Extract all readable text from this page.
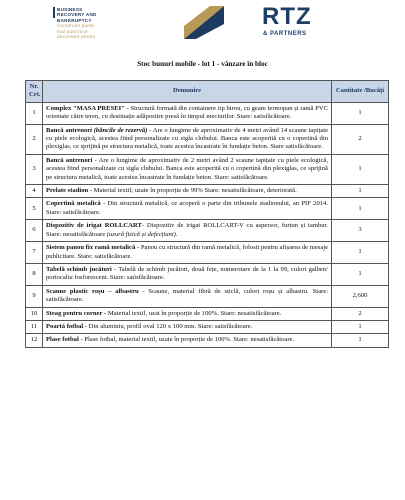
BUSINESS
RECOVERY AND
BANKRUPTCY
Construim punte
mai puternice
decontare pentru
RTZ
& PARTNERS
Stoc bunuri mobile - lot 1 - vânzare în bloc
Nr. Crt.	Denumire	Cantitate /Bucăți
1	Complex "MASA PRESEI" - Structură formată din containere tip birou, cu geam termopan și ramă PVC orientate către teren, cu destinație adăpostire presă în timpul meciurilor. Stare: satisfăcătoare.	1
2	Bancă antrenori (băncile de rezervă) - Are o lungime de aproximativ de 4 metri având 14 scaune tapițate cu piele ecologică, acestea fiind personalizate cu sigla clubului. Banca este acoperită cu o copertină din plexiglas, ce sprijină pe structura metalică, toate acestea încastrate în fundație beton. Stare satisfăcătoare.	2
3	Bancă antrenori - Are o lungime de aproximativ de 2 metri având 2 scaune tapițate cu piele ecologică, acestea fiind personalizate cu sigla clubului. Banca este acoperită cu o copertină din plexiglas, ce sprijină pe structura metalică, toate acestea încastrate în fundație beton. Stare: satisfăcătoare.	1
4	Prelate stadion - Material textil; uzate în proporție de 99% Stare: nesatisfăcătoare, deteriorată.	1
5	Copertină metalică - Din structură metalică, ce acoperă o parte din tribunele stadionului, an PIF 2014. Stare: satisfăcătoare.	1
6	Dispozitiv de irigat ROLLCART- Dispozitiv de irigat ROLLCART-V cu aspersor, furtun și tambur. Stare: nesatisfăcătoare (uzură fizică și defecțiuni).	3
7	Sistem panou fix ramă metalică - Panou cu structură din ramă metalică, folosit pentru afișarea de mesaje publicitare. Stare: satisfăcătoare.	1
8	Tabelă schimb jucători - Tabelă de schimb jucători, două fețe, numerotare de la 1 la 99, culori galben/ portocaliu fosforescent. Stare: satisfăcătoare.	1
9	Scaune plastic roșu – albastru - Scaune, material fibră de sticlă, culori roșu și albastru. Stare: satisfăcătoare.	2,600
10	Steag pentru corner - Material textil, uzat în proporție de 100%. Stare: nesatisfăcătoare.	2
11	Poartă fotbal - Din aluminiu, profil oval 120 x 100 mm. Stare: satisfăcătoare.	1
12	Plase fotbal - Plase fotbal, material textil, uzate în proporție de 100%. Stare: nesatisfăcătoare.	1
